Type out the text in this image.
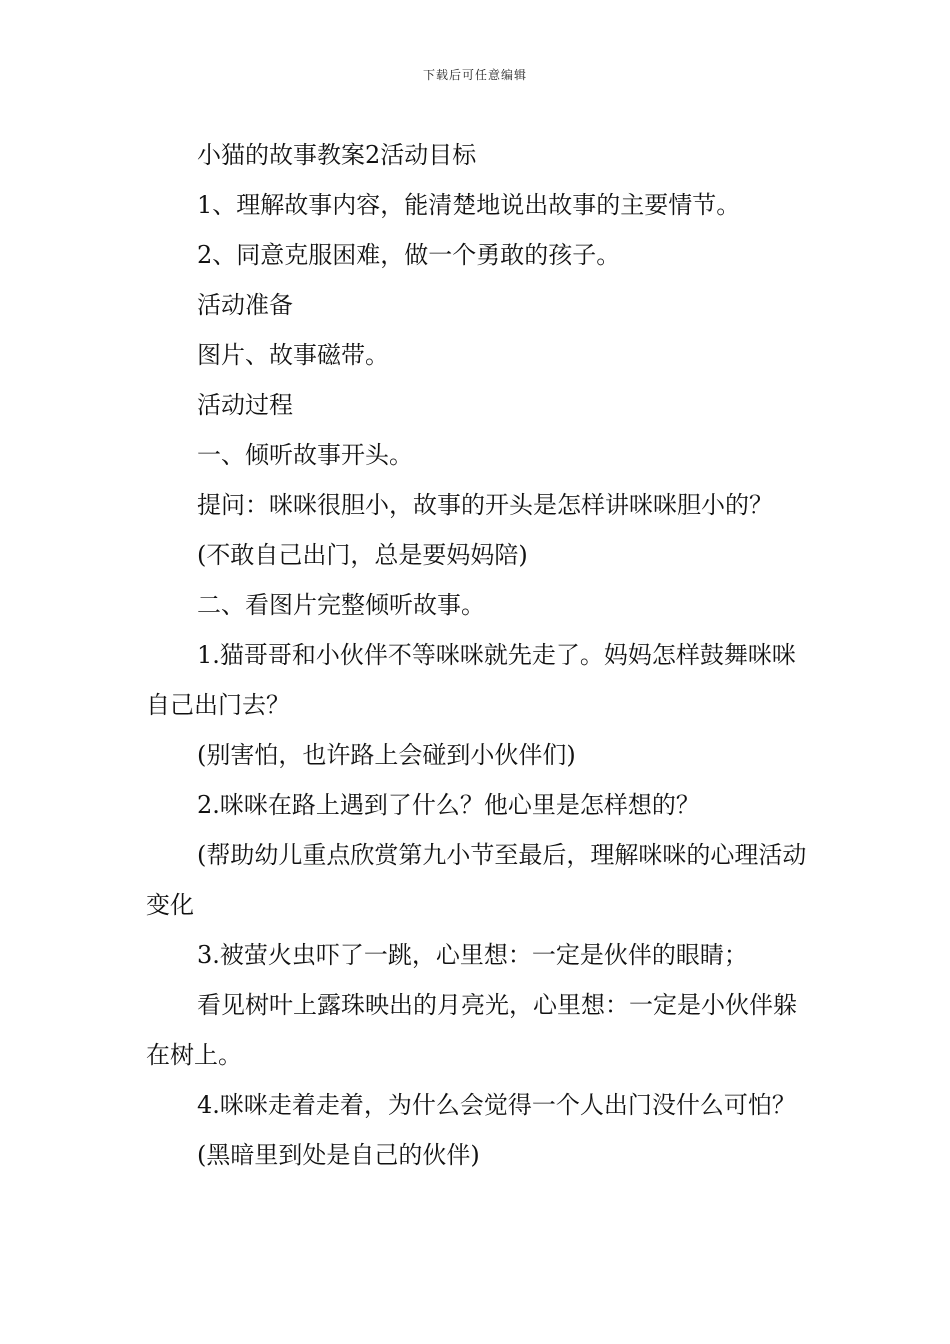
下载后可任意编辑

小猫的故事教案2活动目标

1、理解故事内容，能清楚地说出故事的主要情节。

2、同意克服困难，做一个勇敢的孩子。

活动准备

图片、故事磁带。

活动过程

一、倾听故事开头。

提问：咪咪很胆小，故事的开头是怎样讲咪咪胆小的？

(不敢自己出门，总是要妈妈陪)

二、看图片完整倾听故事。

1.猫哥哥和小伙伴不等咪咪就先走了。妈妈怎样鼓舞咪咪自己出门去？

(别害怕，也许路上会碰到小伙伴们)

2.咪咪在路上遇到了什么？他心里是怎样想的？

(帮助幼儿重点欣赏第九小节至最后，理解咪咪的心理活动变化

3.被萤火虫吓了一跳，心里想：一定是伙伴的眼睛；

看见树叶上露珠映出的月亮光，心里想：一定是小伙伴躲在树上。

4.咪咪走着走着，为什么会觉得一个人出门没什么可怕？

(黑暗里到处是自己的伙伴)
